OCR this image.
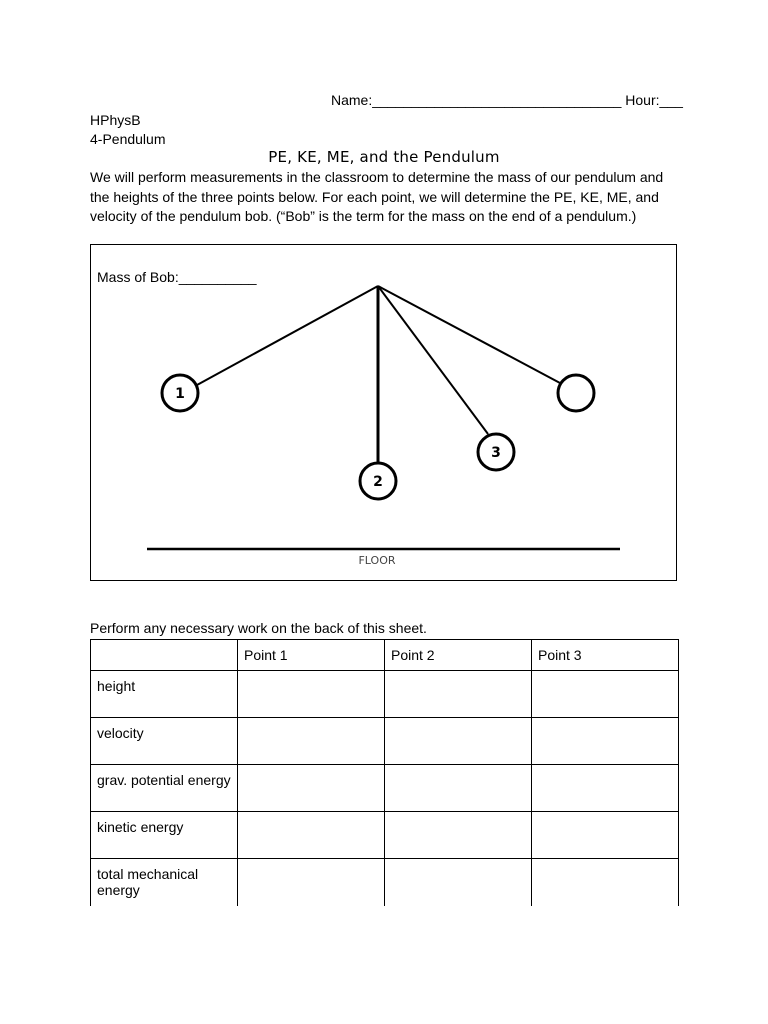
Name:________________________________ Hour:___
HPhysB
4-Pendulum
PE, KE, ME, and the Pendulum
We will perform measurements in the classroom to determine the mass of our pendulum and the heights of the three points below. For each point, we will determine the PE, KE, ME, and velocity of the pendulum bob. (“Bob” is the term for the mass on the end of a pendulum.)
Mass of Bob:__________
1
2
3
FLOOR
Perform any necessary work on the back of this sheet.
	Point 1	Point 2	Point 3
height			
velocity			
grav. potential energy			
kinetic energy			
total mechanical energy			
